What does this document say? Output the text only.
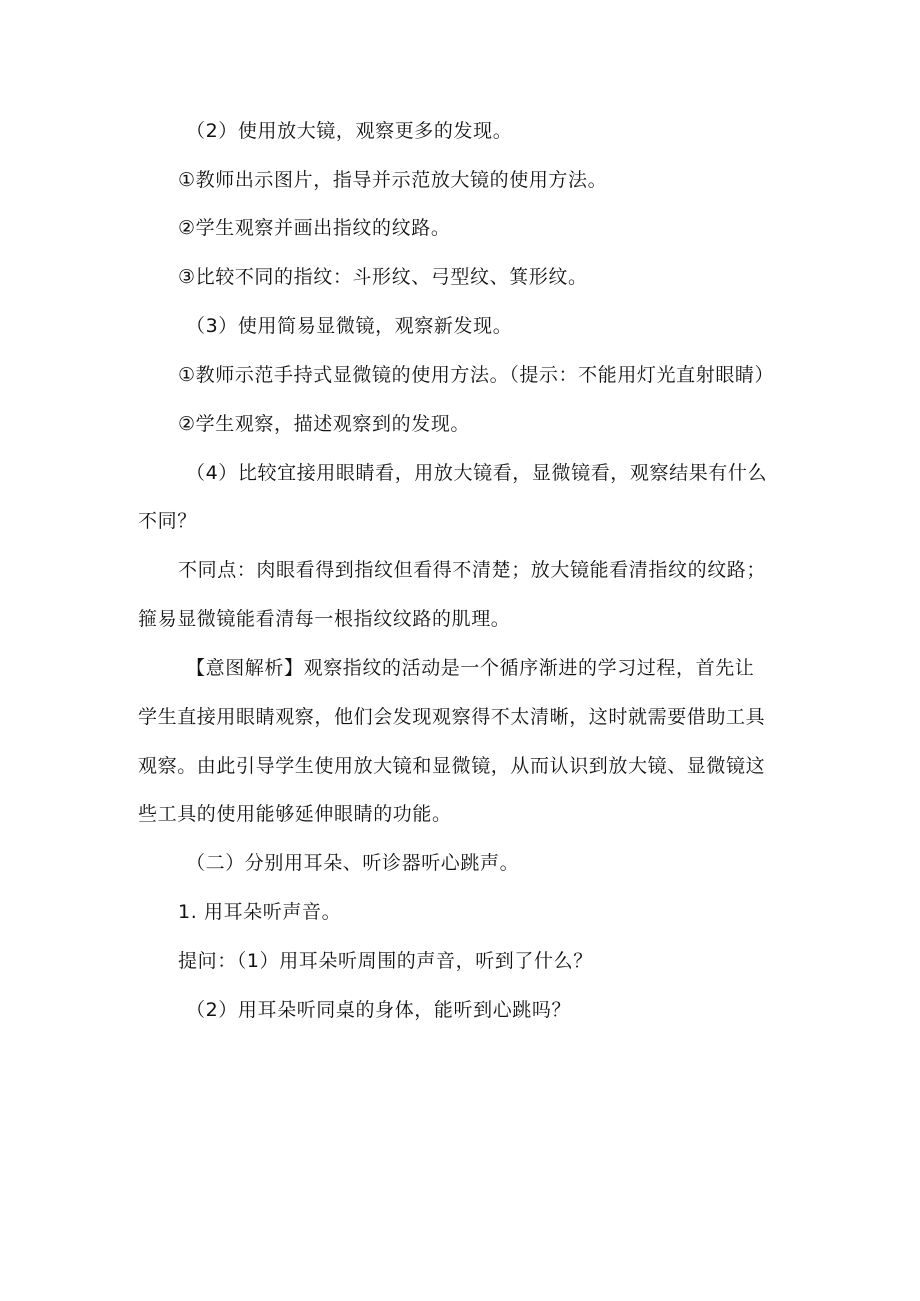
（2）使用放大镜，观察更多的发现。
①教师出示图片，指导并示范放大镜的使用方法。
②学生观察并画出指纹的纹路。
③比较不同的指纹：斗形纹、弓型纹、箕形纹。
（3）使用简易显微镜，观察新发现。
①教师示范手持式显微镜的使用方法。（提示：不能用灯光直射眼睛）
②学生观察，描述观察到的发现。
（4）比较宜接用眼睛看，用放大镜看，显微镜看，观察结果有什么
不同？
不同点：肉眼看得到指纹但看得不清楚；放大镜能看清指纹的纹路；
箍易显微镜能看清每一根指纹纹路的肌理。
【意图解析】观察指纹的活动是一个循序渐进的学习过程，首先让
学生直接用眼睛观察，他们会发现观察得不太清晰，这时就需要借助工具
观察。由此引导学生使用放大镜和显微镜，从而认识到放大镜、显微镜这
些工具的使用能够延伸眼睛的功能。
（二）分别用耳朵、听诊器听心跳声。
1. 用耳朵听声音。
提问：（1）用耳朵听周围的声音，听到了什么？
（2）用耳朵听同桌的身体，能听到心跳吗？
